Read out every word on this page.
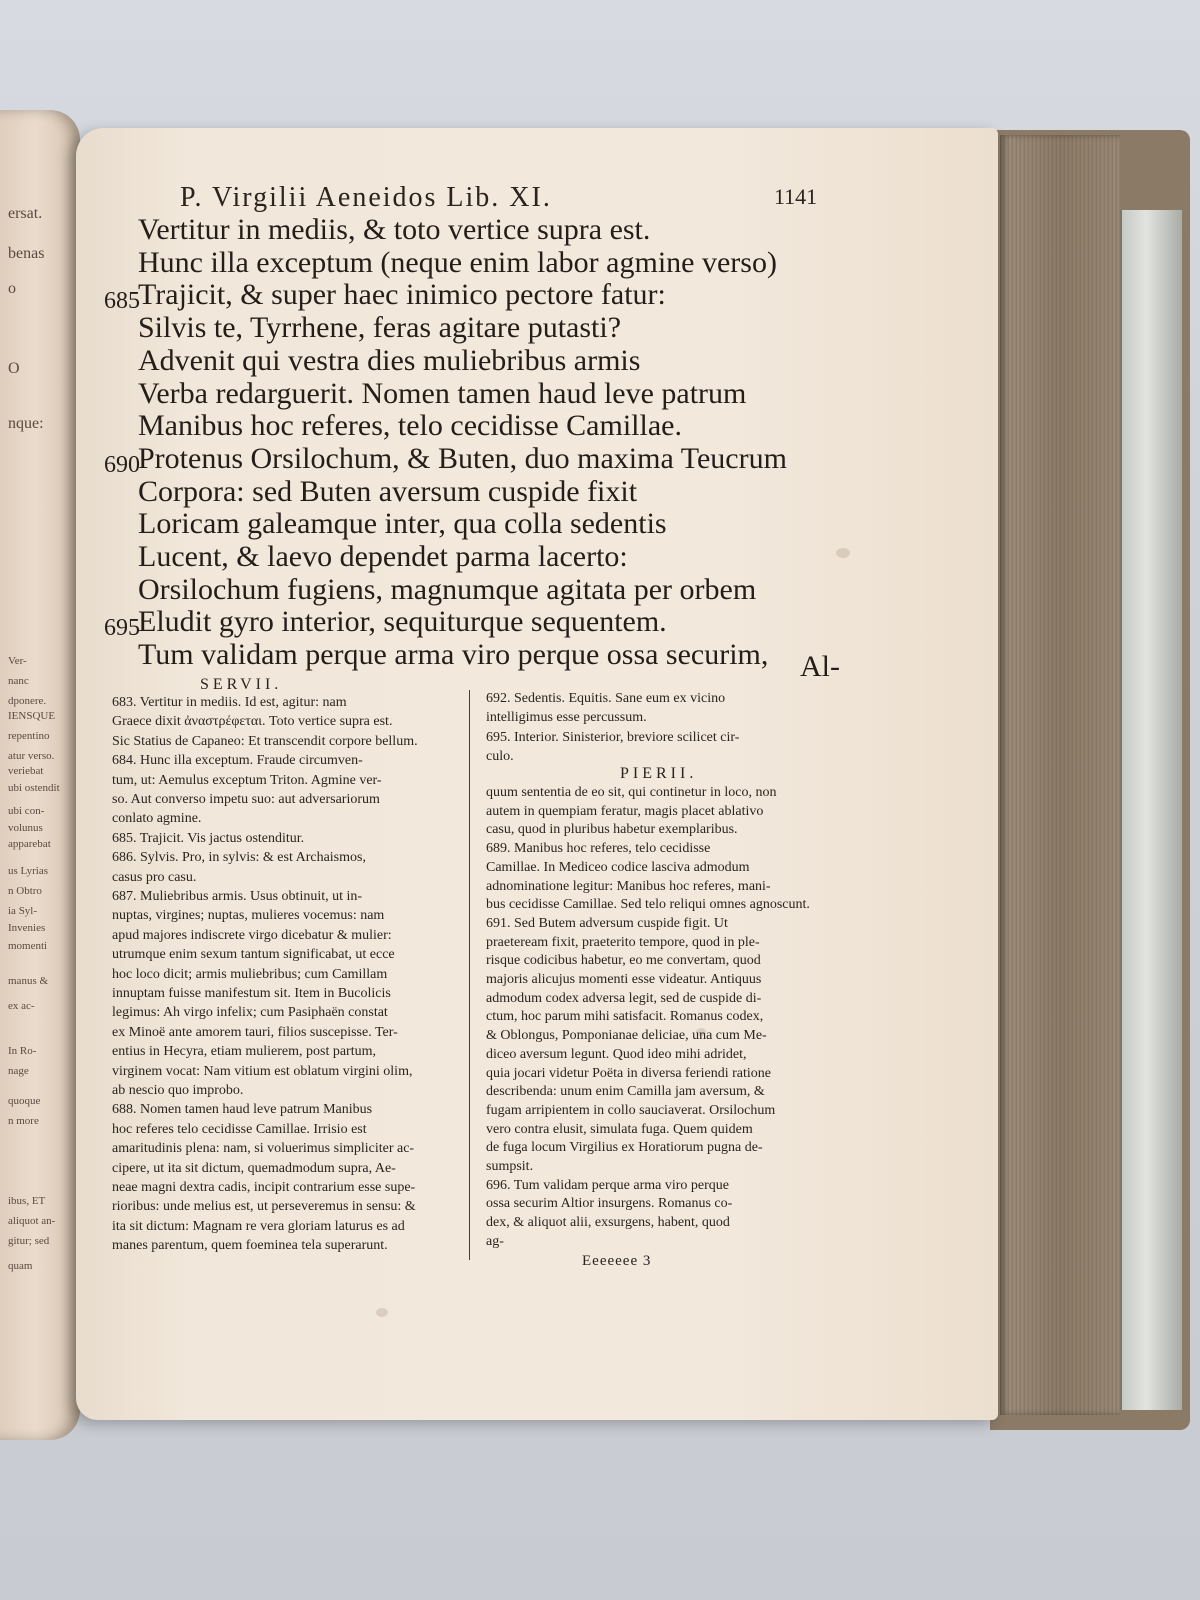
ersat.
benas
o
O
nque:
Ver-
nanc
dponere.
IENSQUE
repentino
atur verso.
veriebat
ubi ostendit
ubi con-
volunus
apparebat
us Lyrias
n Obtro
ia Syl-
Invenies
momenti
manus &
ex ac-
In Ro-
nage
quoque
n more
ibus, ET
aliquot an-
gitur; sed
quam
P. Virgilii Aeneidos Lib. XI.	1141
Vertitur in mediis, & toto vertice supra est.
Hunc illa exceptum (neque enim labor agmine verso)
Trajicit, & super haec inimico pectore fatur:
685
Silvis te, Tyrrhene, feras agitare putasti?
Advenit qui vestra dies muliebribus armis
Verba redarguerit. Nomen tamen haud leve patrum
Manibus hoc referes, telo cecidisse Camillae.
Protenus Orsilochum, & Buten, duo maxima Teucrum
690
Corpora: sed Buten aversum cuspide fixit
Loricam galeamque inter, qua colla sedentis
Lucent, & laevo dependet parma lacerto:
Orsilochum fugiens, magnumque agitata per orbem
Eludit gyro interior, sequiturque sequentem.
695
Tum validam perque arma viro perque ossa securim, Al-
SERVII.
683. Vertitur in mediis. Id est, agitur: nam
Graece dixit ἀναστρέφεται. Toto vertice supra est.
Sic Statius de Capaneo: Et transcendit corpore bellum.
684. Hunc illa exceptum. Fraude circumven-
tum, ut: Aemulus exceptum Triton. Agmine ver-
so. Aut converso impetu suo: aut adversariorum
conlato agmine.
685. Trajicit. Vis jactus ostenditur.
686. Sylvis. Pro, in sylvis: & est Archaismos,
casus pro casu.
687. Muliebribus armis. Usus obtinuit, ut in-
nuptas, virgines; nuptas, mulieres vocemus: nam
apud majores indiscrete virgo dicebatur & mulier:
utrumque enim sexum tantum significabat, ut ecce
hoc loco dicit; armis muliebribus; cum Camillam
innuptam fuisse manifestum sit. Item in Bucolicis
legimus: Ah virgo infelix; cum Pasiphaën constat
ex Minoë ante amorem tauri, filios suscepisse. Ter-
entius in Hecyra, etiam mulierem, post partum,
virginem vocat: Nam vitium est oblatum virgini olim,
ab nescio quo improbo.
688. Nomen tamen haud leve patrum Manibus
hoc referes telo cecidisse Camillae. Irrisio est
amaritudinis plena: nam, si voluerimus simpliciter ac-
cipere, ut ita sit dictum, quemadmodum supra, Ae-
neae magni dextra cadis, incipit contrarium esse supe-
rioribus: unde melius est, ut perseveremus in sensu: &
ita sit dictum: Magnam re vera gloriam laturus es ad
manes parentum, quem foeminea tela superarunt.
692. Sedentis. Equitis. Sane eum ex vicino
intelligimus esse percussum.
695. Interior. Sinisterior, breviore scilicet cir-
culo.
PIERII.
quum sententia de eo sit, qui continetur in loco, non
autem in quempiam feratur, magis placet ablativo
casu, quod in pluribus habetur exemplaribus.
689. Manibus hoc referes, telo cecidisse
Camillae. In Mediceo codice lasciva admodum
adnominatione legitur: Manibus hoc referes, mani-
bus cecidisse Camillae. Sed telo reliqui omnes agnoscunt.
691. Sed Butem adversum cuspide figit. Ut
praeteream fixit, praeterito tempore, quod in ple-
risque codicibus habetur, eo me convertam, quod
majoris alicujus momenti esse videatur. Antiquus
admodum codex adversa legit, sed de cuspide di-
ctum, hoc parum mihi satisfacit. Romanus codex,
& Oblongus, Pomponianae deliciae, una cum Me-
diceo aversum legunt. Quod ideo mihi adridet,
quia jocari videtur Poëta in diversa feriendi ratione
describenda: unum enim Camilla jam aversum, &
fugam arripientem in collo sauciaverat. Orsilochum
vero contra elusit, simulata fuga. Quem quidem
de fuga locum Virgilius ex Horatiorum pugna de-
sumpsit.
696. Tum validam perque arma viro perque
ossa securim Altior insurgens. Romanus co-
dex, & aliquot alii, exsurgens, habent, quod
ag-
Eeeeeee 3
